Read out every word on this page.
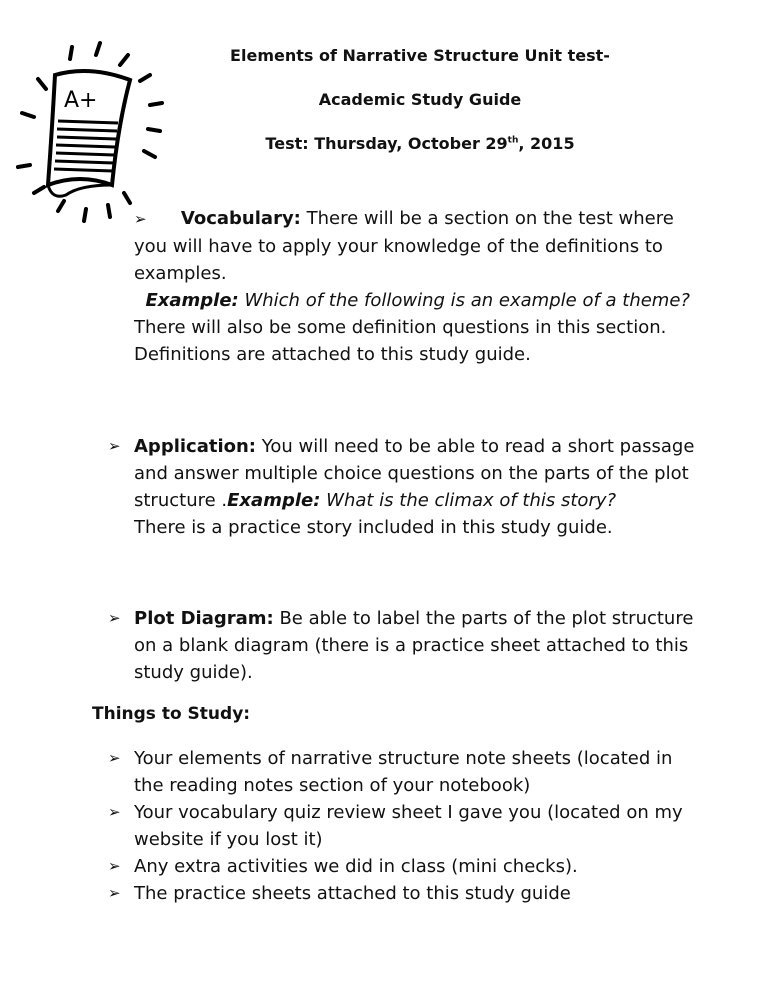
A+
Elements of Narrative Structure Unit test-
Academic Study Guide
Test: Thursday, October 29th, 2015
➢ Vocabulary: There will be a section on the test where you will have to apply your knowledge of the definitions to examples.
Example: Which of the following is an example of a theme?
There will also be some definition questions in this section. Definitions are attached to this study guide.
➢ Application: You will need to be able to read a short passage and answer multiple choice questions on the parts of the plot structure .Example: What is the climax of this story?
There is a practice story included in this study guide.
➢ Plot Diagram: Be able to label the parts of the plot structure on a blank diagram (there is a practice sheet attached to this study guide).
Things to Study:
➢ Your elements of narrative structure note sheets (located in the reading notes section of your notebook)
➢ Your vocabulary quiz review sheet I gave you (located on my website if you lost it)
➢ Any extra activities we did in class (mini checks).
➢ The practice sheets attached to this study guide
